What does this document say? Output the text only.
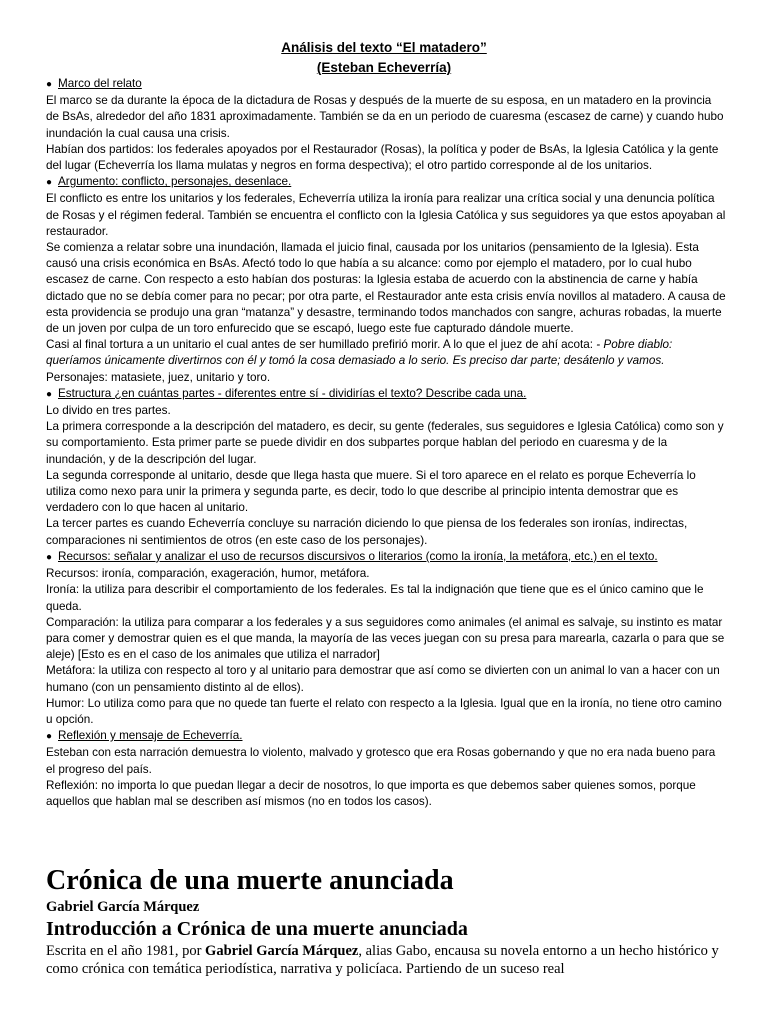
Análisis del texto “El matadero”
(Esteban Echeverría)
● Marco del relato

El marco se da durante la época de la dictadura de Rosas y después de la muerte de su esposa, en un matadero en la provincia de BsAs, alrededor del año 1831 aproximadamente. También se da en un periodo de cuaresma (escasez de carne) y cuando hubo inundación la cual causa una crisis.

Habían dos partidos: los federales apoyados por el Restaurador (Rosas), la política y poder de BsAs, la Iglesia Católica y la gente del lugar (Echeverría los llama mulatas y negros en forma despectiva); el otro partido corresponde al de los unitarios.

● Argumento: conflicto, personajes, desenlace.

El conflicto es entre los unitarios y los federales, Echeverría utiliza la ironía para realizar una crítica social y una denuncia política de Rosas y el régimen federal. También se encuentra el conflicto con la Iglesia Católica y sus seguidores ya que estos apoyaban al restaurador.

Se comienza a relatar sobre una inundación, llamada el juicio final, causada por los unitarios (pensamiento de la Iglesia). Esta causó una crisis económica en BsAs. Afectó todo lo que había a su alcance: como por ejemplo el matadero, por lo cual hubo escasez de carne. Con respecto a esto habían dos posturas: la Iglesia estaba de acuerdo con la abstinencia de carne y había dictado que no se debía comer para no pecar; por otra parte, el Restaurador ante esta crisis envía novillos al matadero. A causa de esta providencia se produjo una gran “matanza” y desastre, terminando todos manchados con sangre, achuras robadas, la muerte de un joven por culpa de un toro enfurecido que se escapó, luego este fue capturado dándole muerte.

Casi al final tortura a un unitario el cual antes de ser humillado prefirió morir. A lo que el juez de ahí acota: - Pobre diablo: queríamos únicamente divertirnos con él y tomó la cosa demasiado a lo serio. Es preciso dar parte; desátenlo y vamos.

Personajes: matasiete, juez, unitario y toro.

● Estructura ¿en cuántas partes - diferentes entre sí - dividirías el texto? Describe cada una.

Lo divido en tres partes.

La primera corresponde a la descripción del matadero, es decir, su gente (federales, sus seguidores e Iglesia Católica) como son y su comportamiento. Esta primer parte se puede dividir en dos subpartes porque hablan del periodo en cuaresma y de la inundación, y de la descripción del lugar.

La segunda corresponde al unitario, desde que llega hasta que muere. Si el toro aparece en el relato es porque Echeverría lo utiliza como nexo para unir la primera y segunda parte, es decir, todo lo que describe al principio intenta demostrar que es verdadero con lo que hacen al unitario.

La tercer partes es cuando Echeverría concluye su narración diciendo lo que piensa de los federales son ironías, indirectas, comparaciones ni sentimientos de otros (en este caso de los personajes).

● Recursos: señalar y analizar el uso de recursos discursivos o literarios (como la ironía, la metáfora, etc.) en el texto.

Recursos: ironía, comparación, exageración, humor, metáfora.

Ironía: la utiliza para describir el comportamiento de los federales. Es tal la indignación que tiene que es el único camino que le queda.

Comparación: la utiliza para comparar a los federales y a sus seguidores como animales (el animal es salvaje, su instinto es matar para comer y demostrar quien es el que manda, la mayoría de las veces juegan con su presa para marearla, cazarla o para que se aleje) [Esto es en el caso de los animales que utiliza el narrador]

Metáfora: la utiliza con respecto al toro y al unitario para demostrar que así como se divierten con un animal lo van a hacer con un humano (con un pensamiento distinto al de ellos).

Humor: Lo utiliza como para que no quede tan fuerte el relato con respecto a la Iglesia. Igual que en la ironía, no tiene otro camino u opción.

● Reflexión y mensaje de Echeverría.

Esteban con esta narración demuestra lo violento, malvado y grotesco que era Rosas gobernando y que no era nada bueno para el progreso del país.

Reflexión: no importa lo que puedan llegar a decir de nosotros, lo que importa es que debemos saber quienes somos, porque aquellos que hablan mal se describen así mismos (no en todos los casos).

Crónica de una muerte anunciada
Gabriel García Márquez
Introducción a Crónica de una muerte anunciada

Escrita en el año 1981, por Gabriel García Márquez, alias Gabo, encausa su novela entorno a un hecho histórico y como crónica con temática periodística, narrativa y policíaca. Partiendo de un suceso real
